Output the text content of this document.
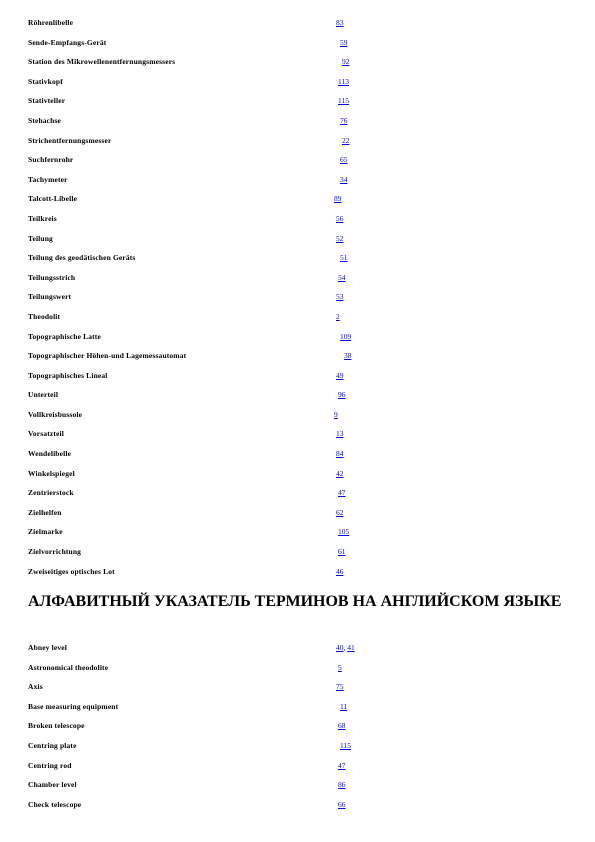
Röhrenlibelle	83
Sende-Empfangs-Gerät	59
Station des Mikrowellenentfernungsmessers	92
Stativkopf	113
Stativteller	115
Stehachse	76
Strichentfernungsmesser	22
Suchfernrohr	65
Tachymeter	34
Talcott-Libelle	89
Teilkreis	56
Teilung	52
Teilung des geodätischen Geräts	51
Teilungsstrich	54
Teilungswert	53
Theodolit	2
Topographische Latte	109
Topographischer Höhen-und Lagemessautomat	38
Topographisches Lineal	49
Unterteil	96
Vollkreisbussole	9
Vorsatzteil	13
Wendelibelle	84
Winkelspiegel	42
Zentrierstock	47
Zielhelfen	62
Zielmarke	105
Zielvorrichtung	61
Zweiseitiges optisches Lot	46
АЛФАВИТНЫЙ УКАЗАТЕЛЬ ТЕРМИНОВ НА АНГЛИЙСКОМ ЯЗЫКЕ
Abney level	40, 41
Astronomical theodolite	5
Axis	75
Base measuring equipment	11
Broken telescope	68
Centring plate	115
Centring rod	47
Chamber level	86
Check telescope	66
